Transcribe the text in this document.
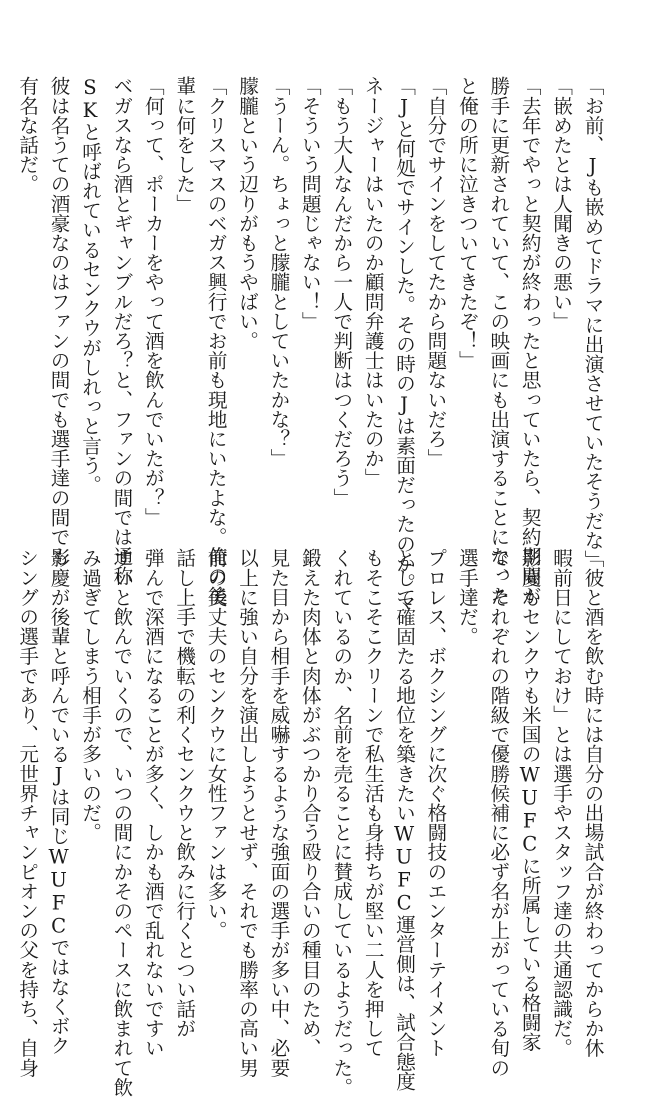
「お前、Jも嵌めてドラマに出演させていたそうだな」
「嵌めたとは人聞きの悪い」
「去年でやっと契約が終わったと思っていたら、契約期間が
勝手に更新されていて、この映画にも出演することになった
と俺の所に泣きついてきたぞ！」
「自分でサインをしてたから問題ないだろ」
「Jと何処でサインした。その時のJは素面だったのか。マ
ネージャーはいたのか顧問弁護士はいたのか」
「もう大人なんだから一人で判断はつくだろう」
「そういう問題じゃない！」
「うーん。ちょっと朦朧としていたかな？」
朦朧という辺りがもうやばい。
「クリスマスのベガス興行でお前も現地にいたよな。俺の後
輩に何をした」
「何って、ポーカーをやって酒を飲んでいたが？」
ベガスなら酒とギャンブルだろ？と、ファンの間では通称
SKと呼ばれているセンクウがしれっと言う。
彼は名うての酒豪なのはファンの間でも選手達の間でも
有名な話だ。
「彼と酒を飲む時には自分の出場試合が終わってからか休
暇前日にしておけ」とは選手やスタッフ達の共通認識だ。
影慶もセンクウも米国のWUFCに所属している格闘家
で、それぞれの階級で優勝候補に必ず名が上がっている旬の
選手達だ。
プロレス、ボクシングに次ぐ格闘技のエンターテイメント
として確固たる地位を築きたいWUFC運営側は、試合態度
もそこそこクリーンで私生活も身持ちが堅い二人を押して
くれているのか、名前を売ることに賛成しているようだった。
鍛えた肉体と肉体がぶつかり合う殴り合いの種目のため、
見た目から相手を威嚇するような強面の選手が多い中、必要
以上に強い自分を演出しようとせず、それでも勝率の高い男
前の美丈夫のセンクウに女性ファンは多い。
話し上手で機転の利くセンクウと飲みに行くとつい話が
弾んで深酒になることが多く、しかも酒で乱れないですい
すいと飲んでいくので、いつの間にかそのペースに飲まれて飲
み過ぎてしまう相手が多いのだ。
影慶が後輩と呼んでいるJは同じWUFCではなくボク
シングの選手であり、元世界チャンピオンの父を持ち、自身
